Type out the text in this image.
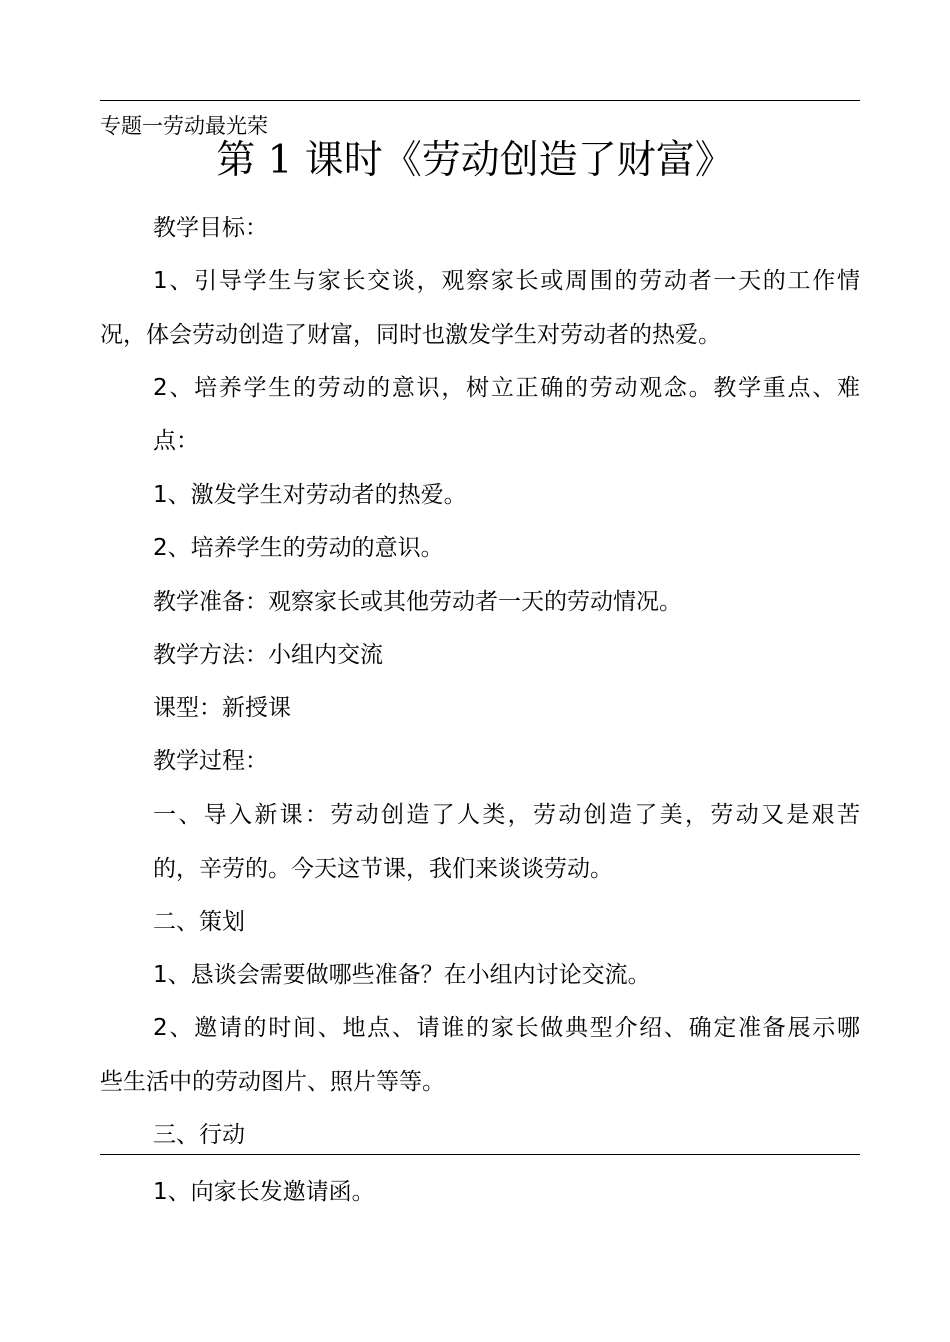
专题一劳动最光荣
第 1 课时《劳动创造了财富》
教学目标：
1、引导学生与家长交谈，观察家长或周围的劳动者一天的工作情
况，体会劳动创造了财富，同时也激发学生对劳动者的热爱。
2、培养学生的劳动的意识，树立正确的劳动观念。教学重点、难
点：
1、激发学生对劳动者的热爱。
2、培养学生的劳动的意识。
教学准备：观察家长或其他劳动者一天的劳动情况。
教学方法：小组内交流
课型：新授课
教学过程：
一、导入新课：劳动创造了人类，劳动创造了美，劳动又是艰苦
的，辛劳的。今天这节课，我们来谈谈劳动。
二、策划
1、恳谈会需要做哪些准备？在小组内讨论交流。
2、邀请的时间、地点、请谁的家长做典型介绍、确定准备展示哪
些生活中的劳动图片、照片等等。
三、行动
1、向家长发邀请函。
